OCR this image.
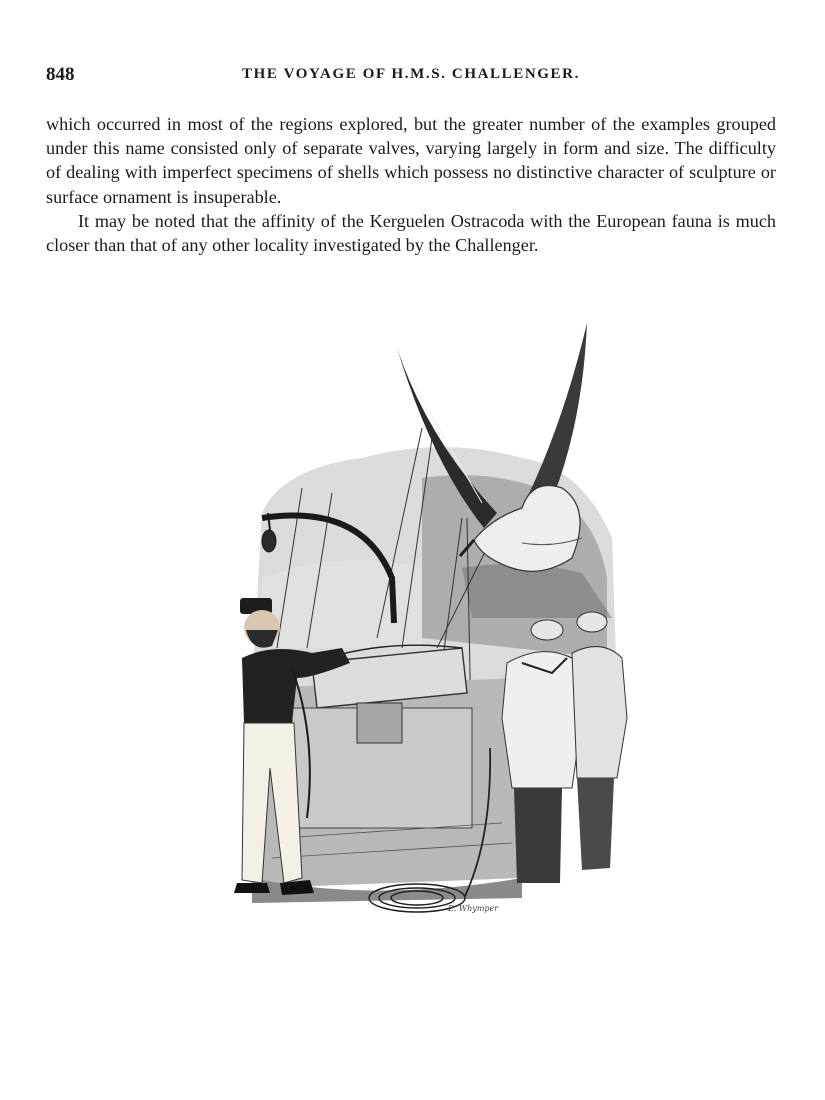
848	THE VOYAGE OF H.M.S. CHALLENGER.

which occurred in most of the regions explored, but the greater number of the examples grouped under this name consisted only of separate valves, varying largely in form and size. The difficulty of dealing with imperfect specimens of shells which possess no distinctive character of sculpture or surface ornament is insuperable.

It may be noted that the affinity of the Kerguelen Ostracoda with the European fauna is much closer than that of any other locality investigated by the Challenger.

E. Whymper
